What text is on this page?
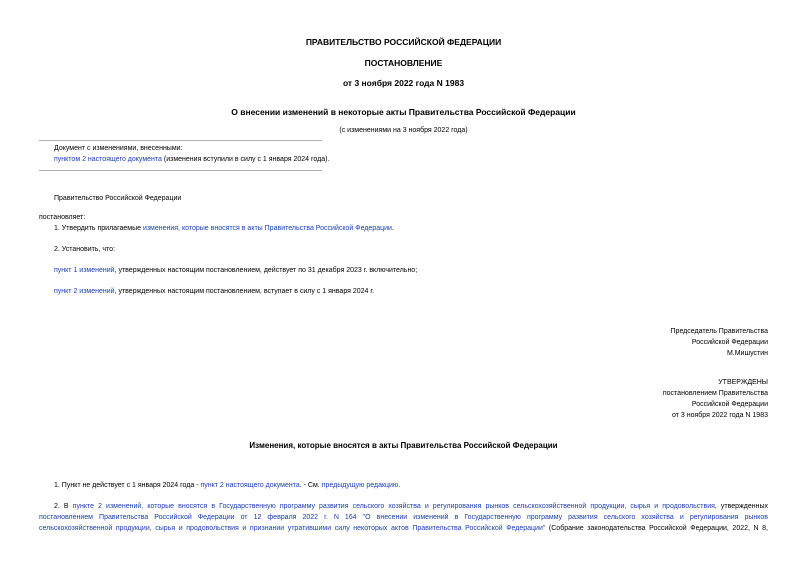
ПРАВИТЕЛЬСТВО РОССИЙСКОЙ ФЕДЕРАЦИИ
ПОСТАНОВЛЕНИЕ
от 3 ноября 2022 года N 1983
О внесении изменений в некоторые акты Правительства Российской Федерации
(с изменениями на 3 ноября 2022 года)
Документ с изменениями, внесенными:
пунктом 2 настоящего документа (изменения вступили в силу с 1 января 2024 года).
Правительство Российской Федерации
постановляет:
1. Утвердить прилагаемые изменения, которые вносятся в акты Правительства Российской Федерации.
2. Установить, что:
пункт 1 изменений, утвержденных настоящим постановлением, действует по 31 декабря 2023 г. включительно;
пункт 2 изменений, утвержденных настоящим постановлением, вступает в силу с 1 января 2024 г.
Председатель Правительства
Российской Федерации
М.Мишустин
УТВЕРЖДЕНЫ
постановлением Правительства
Российской Федерации
от 3 ноября 2022 года N 1983
Изменения, которые вносятся в акты Правительства Российской Федерации
1. Пункт не действует с 1 января 2024 года - пункт 2 настоящего документа. - См. предыдущую редакцию.
2. В пункте 2 изменений, которые вносятся в Государственную программу развития сельского хозяйства и регулирования рынков сельскохозяйственной продукции, сырья и продовольствия, утвержденных
постановлением Правительства Российской Федерации от 12 февраля 2022 г. N 164 "О внесении изменений в Государственную программу развития сельского хозяйства и регулирования рынков
сельскохозяйственной продукции, сырья и продовольствия и признании утратившими силу некоторых актов Правительства Российской Федерации" (Собрание законодательства Российской Федерации, 2022, N 8,
